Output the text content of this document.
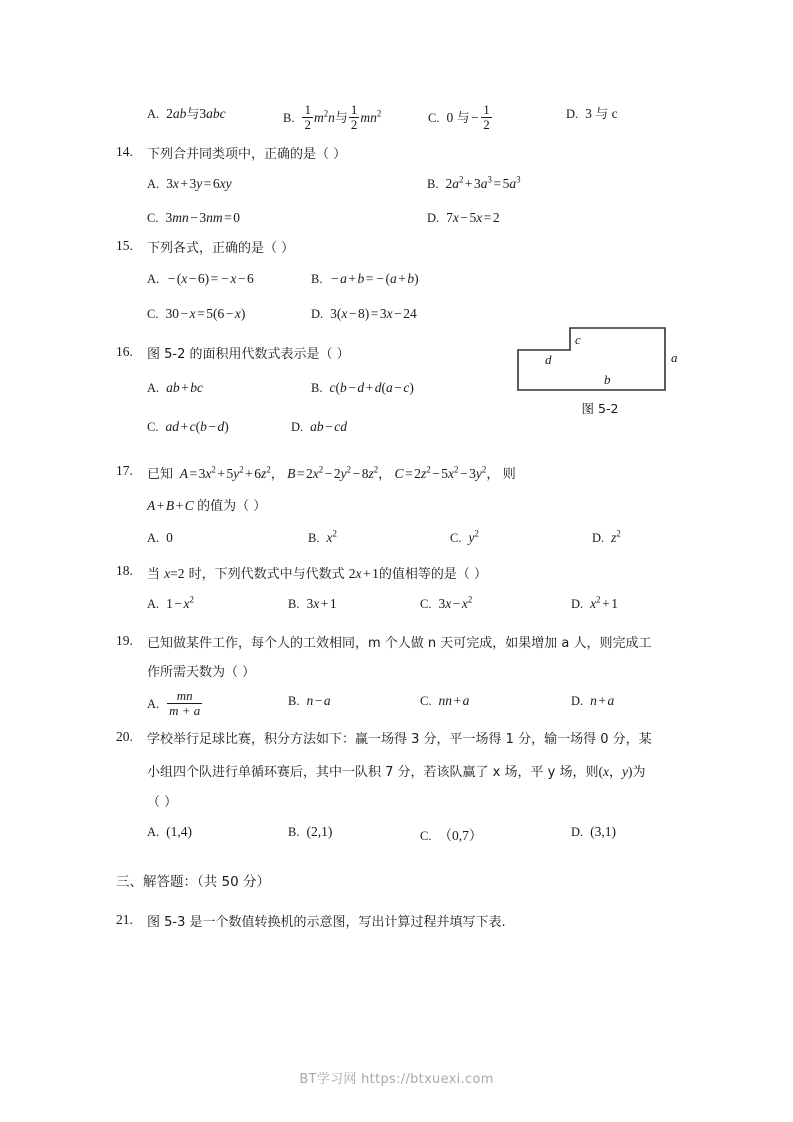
A. 2ab与3abc	B. $\frac{1}{2} m^2n$与 $\frac{1}{2} mn^2$	C. 0 与 − $\frac{1}{2}$	D. 3 与 c
14.	下列合并同类项中，正确的是（ ）
A. 3x + 3y = 6xy	B. $2a^2 + 3a^3 = 5a^3$
C. 3mn − 3nm = 0	D. 7x − 5x = 2
15.	下列各式，正确的是（ ）
A. − (x − 6) = − x − 6	B. − a + b = − (a + b)
C. 30 − x = 5(6 − x)	D. 3(x − 8) = 3x − 24
16.	图 5-2 的面积用代数式表示是（ ）
A. ab + bc	B. c(b − d + d(a − c)
C. ad + c(b − d)	D. ab − cd
c
d	a
b
图 5-2
17.	已知 $A = 3x^2 + 5y^2 + 6z^2$， $B = 2x^2 - 2y^2 - 8z^2$， $C = 2z^2 - 5x^2 - 3y^2$， 则
A + B + C 的值为（ ）
A. 0	B. $x^2$	C. $y^2$	D. $z^2$
18.	当 x=2 时，下列代数式中与代数式 2x + 1的值相等的是（ ）
A. $1 - x^2$	B. 3x + 1	C. $3x - x^2$	D. $x^2 + 1$
19.	已知做某件工作，每个人的工效相同，m 个人做 n 天可完成，如果增加 a 人，则完成工
作所需天数为（ ）
A. $\frac{mn}{m + a}$	B. n − a	C. nn + a	D. n + a
20.	学校举行足球比赛，积分方法如下：赢一场得 3 分，平一场得 1 分，输一场得 0 分，某
小组四个队进行单循环赛后，其中一队积 7 分，若该队赢了 x 场，平 y 场，则(x，y)为
（ ）
A. (1,4)	B. (2,1)	C. （0,7）	D. (3,1)
三、解答题：（共 50 分）
21.	图 5-3 是一个数值转换机的示意图，写出计算过程并填写下表.
BT学习网 https://btxuexi.com
